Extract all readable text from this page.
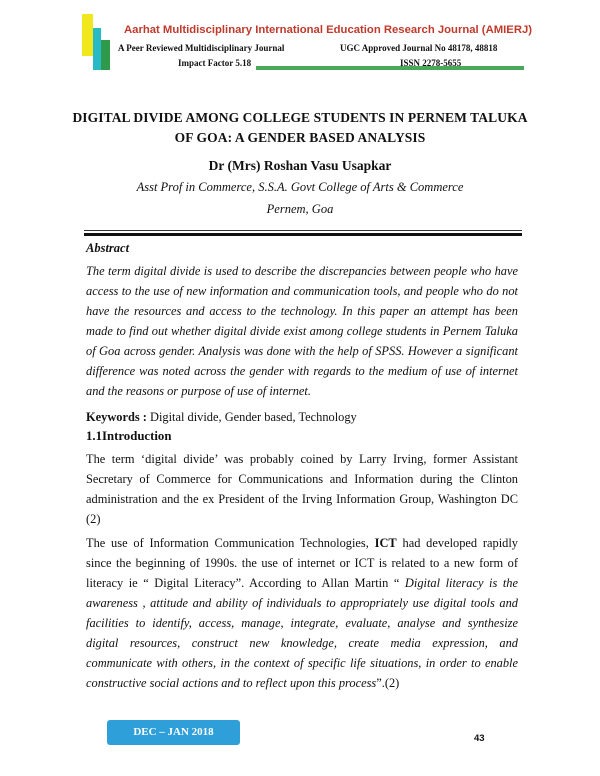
Aarhat Multidisciplinary International Education Research Journal (AMIERJ)
A Peer Reviewed Multidisciplinary Journal	UGC Approved Journal No 48178, 48818
Impact Factor 5.18	ISSN 2278-5655
DIGITAL DIVIDE AMONG COLLEGE STUDENTS IN PERNEM TALUKA
OF GOA: A GENDER BASED ANALYSIS
Dr (Mrs) Roshan Vasu Usapkar
Asst Prof in Commerce, S.S.A. Govt College of Arts & Commerce
Pernem, Goa
Abstract
The term digital divide is used to describe the discrepancies between people who have access to the use of new information and communication tools, and people who do not have the resources and access to the technology. In this paper an attempt has been made to find out whether digital divide exist among college students in Pernem Taluka of Goa across gender. Analysis was done with the help of SPSS. However a significant difference was noted across the gender with regards to the medium of use of internet and the reasons or purpose of use of internet.
Keywords : Digital divide, Gender based, Technology
1.1Introduction
The term ‘digital divide’ was probably coined by Larry Irving, former Assistant Secretary of Commerce for Communications and Information during the Clinton administration and the ex President of the Irving Information Group, Washington DC (2)
The use of Information Communication Technologies, ICT had developed rapidly since the beginning of 1990s. the use of internet or ICT is related to a new form of literacy ie “ Digital Literacy”. According to Allan Martin “ Digital literacy is the awareness , attitude and ability of individuals to appropriately use digital tools and facilities to identify, access, manage, integrate, evaluate, analyse and synthesize digital resources, construct new knowledge, create media expression, and communicate with others, in the context of specific life situations, in order to enable constructive social actions and to reflect upon this process”.(2)
DEC – JAN 2018
43
